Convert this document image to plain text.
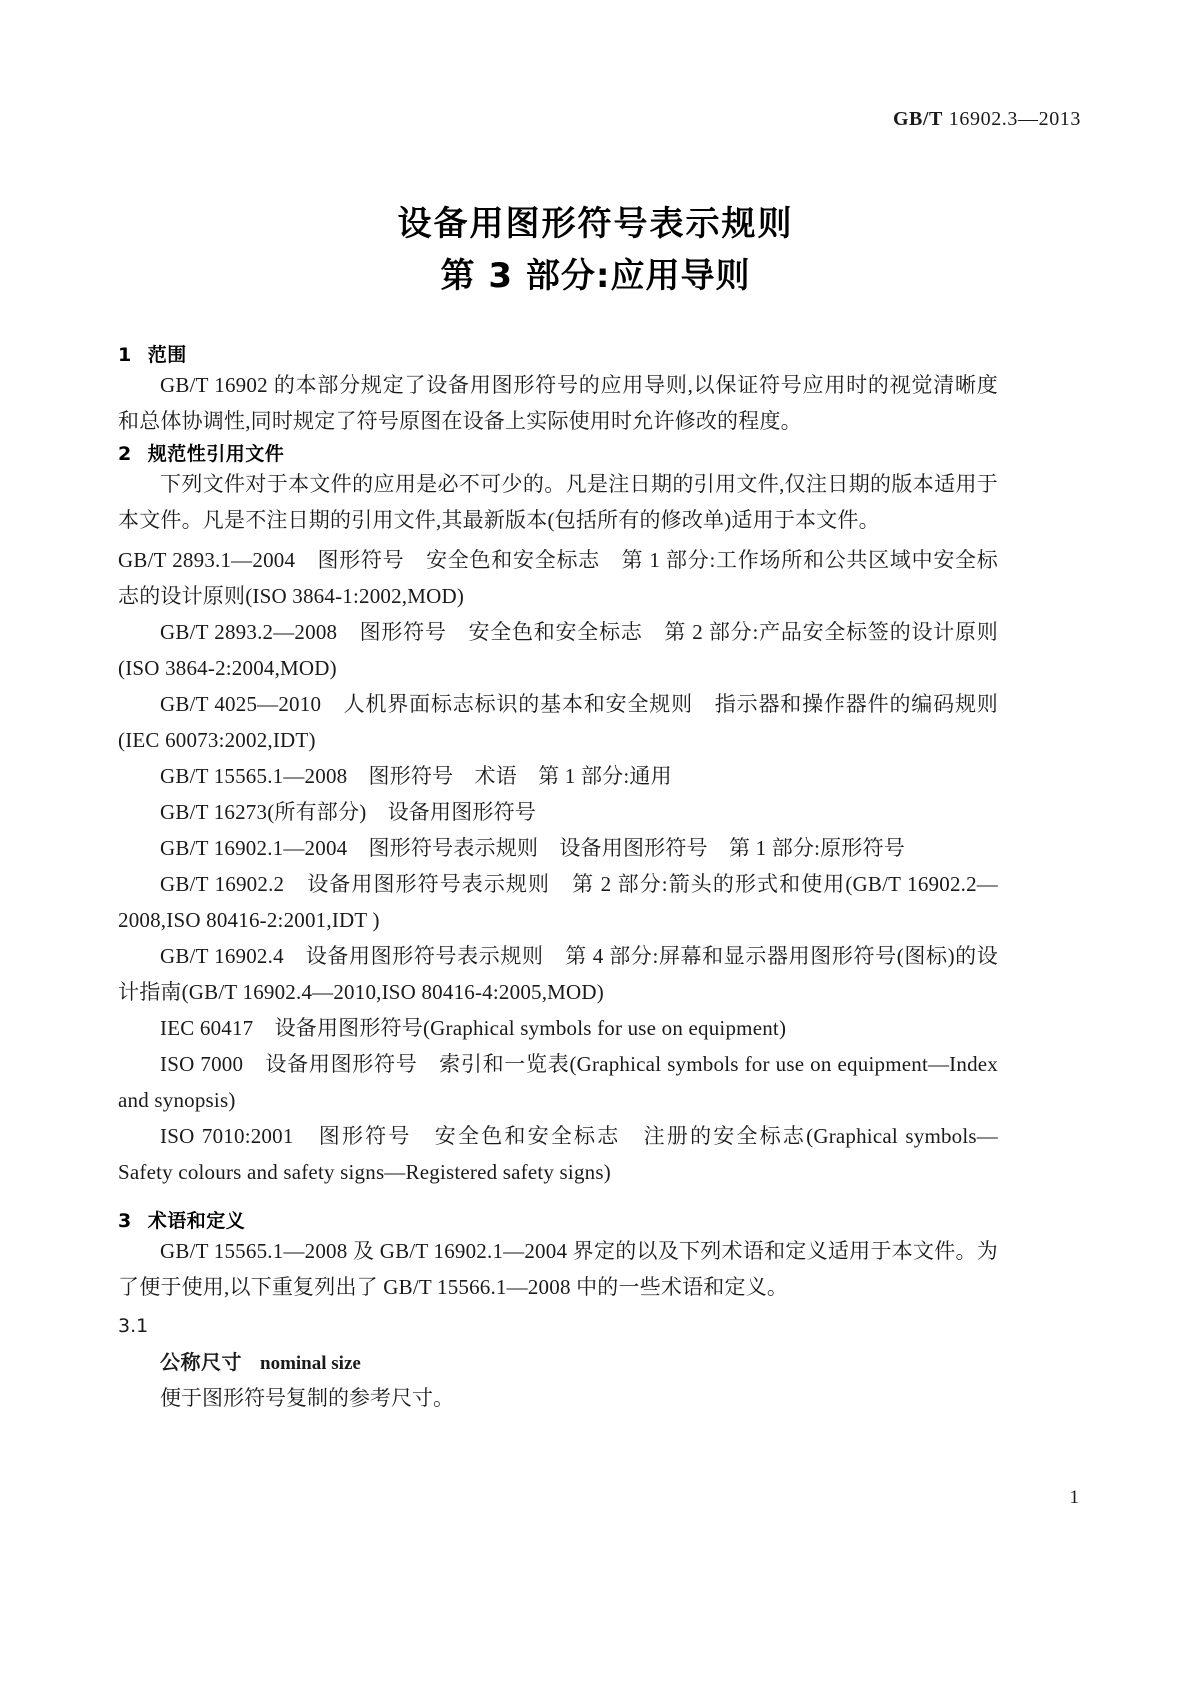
GB/T 16902.3—2013
设备用图形符号表示规则
第 3 部分:应用导则
1 范围

GB/T 16902 的本部分规定了设备用图形符号的应用导则,以保证符号应用时的视觉清晰度和总体协调性,同时规定了符号原图在设备上实际使用时允许修改的程度。

2 规范性引用文件

下列文件对于本文件的应用是必不可少的。凡是注日期的引用文件,仅注日期的版本适用于本文件。凡是不注日期的引用文件,其最新版本(包括所有的修改单)适用于本文件。

GB/T 2893.1—2004　图形符号　安全色和安全标志　第 1 部分:工作场所和公共区域中安全标志的设计原则(ISO 3864-1:2002,MOD)
GB/T 2893.2—2008　图形符号　安全色和安全标志　第 2 部分:产品安全标签的设计原则(ISO 3864-2:2004,MOD)
GB/T 4025—2010　人机界面标志标识的基本和安全规则　指示器和操作器件的编码规则(IEC 60073:2002,IDT)
GB/T 15565.1—2008　图形符号　术语　第 1 部分:通用
GB/T 16273(所有部分)　设备用图形符号
GB/T 16902.1—2004　图形符号表示规则　设备用图形符号　第 1 部分:原形符号
GB/T 16902.2　设备用图形符号表示规则　第 2 部分:箭头的形式和使用(GB/T 16902.2—2008,ISO 80416-2:2001,IDT )
GB/T 16902.4　设备用图形符号表示规则　第 4 部分:屏幕和显示器用图形符号(图标)的设计指南(GB/T 16902.4—2010,ISO 80416-4:2005,MOD)
IEC 60417　设备用图形符号(Graphical symbols for use on equipment)
ISO 7000　设备用图形符号　索引和一览表(Graphical symbols for use on equipment—Index and synopsis)
ISO 7010:2001　图形符号　安全色和安全标志　注册的安全标志(Graphical symbols—Safety colours and safety signs—Registered safety signs)
3 术语和定义

GB/T 15565.1—2008 及 GB/T 16902.1—2004 界定的以及下列术语和定义适用于本文件。为了便于使用,以下重复列出了 GB/T 15566.1—2008 中的一些术语和定义。

3.1
公称尺寸 nominal size

便于图形符号复制的参考尺寸。

1
